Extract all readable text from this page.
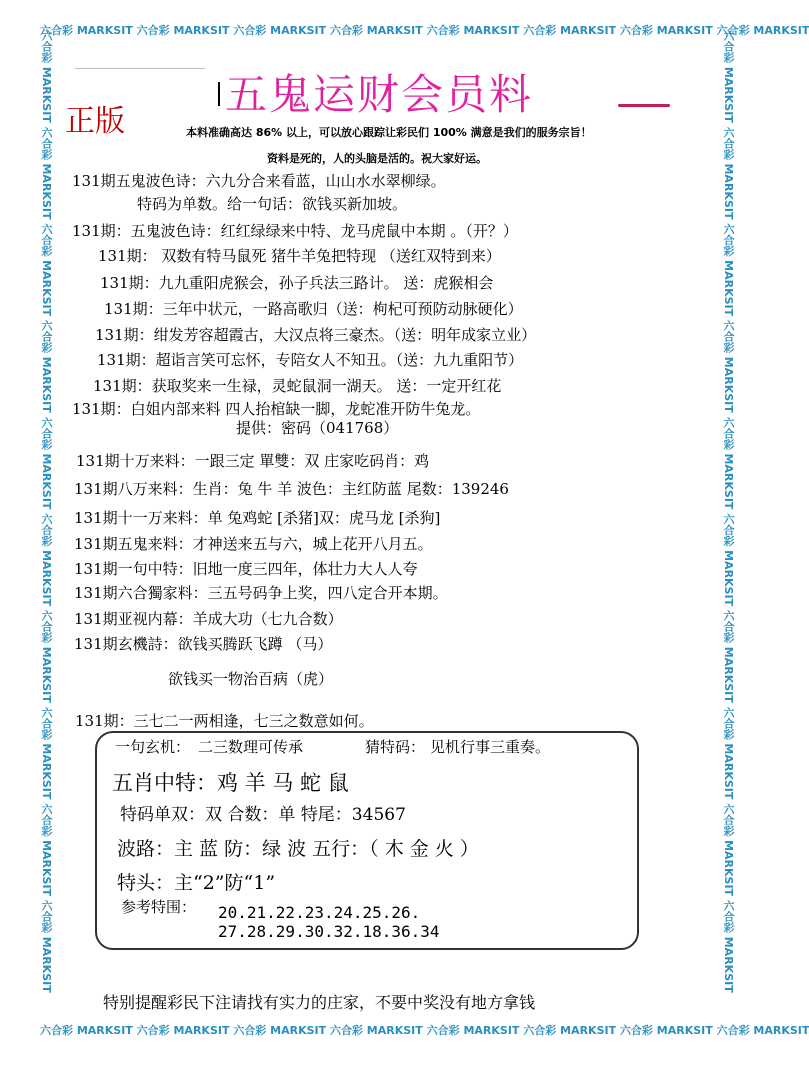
六合彩 MARKSIT 六合彩 MARKSIT 六合彩 MARKSIT 六合彩 MARKSIT 六合彩 MARKSIT 六合彩 MARKSIT 六合彩 MARKSIT 六合彩 MARKSIT
六合彩 MARKSIT 六合彩 MARKSIT 六合彩 MARKSIT 六合彩 MARKSIT 六合彩 MARKSIT 六合彩 MARKSIT 六合彩 MARKSIT 六合彩 MARKSIT
六合彩 MARKSIT 六合彩 MARKSIT 六合彩 MARKSIT 六合彩 MARKSIT 六合彩 MARKSIT 六合彩 MARKSIT 六合彩 MARKSIT 六合彩 MARKSIT 六合彩 MARKSIT 六合彩 MARKSIT
六合彩 MARKSIT 六合彩 MARKSIT 六合彩 MARKSIT 六合彩 MARKSIT 六合彩 MARKSIT 六合彩 MARKSIT 六合彩 MARKSIT 六合彩 MARKSIT 六合彩 MARKSIT 六合彩 MARKSIT
五鬼运财会员料
正版	本料准确高达 86% 以上，可以放心跟踪让彩民们 100% 满意是我们的服务宗旨！
资料是死的，人的头脑是活的。祝大家好运。
131期五鬼波色诗：六九分合来看蓝，山山水水翠柳绿。
特码为单数。给一句话：欲钱买新加坡。
131期：五鬼波色诗：红红绿绿来中特、龙马虎鼠中本期 。（开？）
131期： 双数有特马鼠死 猪牛羊兔把特现 （送红双特到来）
131期：九九重阳虎猴会，孙子兵法三路计。 送：虎猴相会
131期：三年中状元，一路高歌归（送：枸杞可预防动脉硬化）
131期：绀发芳容超霞古，大汉点将三豪杰。（送：明年成家立业）
131期：超诣言笑可忘怀，专陪女人不知丑。（送：九九重阳节）
131期：获取奖来一生禄，灵蛇鼠洞一湖天。 送：一定开红花
131期：白姐内部来料 四人抬棺缺一脚，龙蛇准开防牛兔龙。
提供：密码（041768）
131期十万来料：一跟三定 單雙：双 庄家吃码肖：鸡
131期八万来料：生肖：兔 牛 羊 波色：主红防蓝 尾数：139246
131期十一万来料：单 兔鸡蛇 [杀猪]双：虎马龙 [杀狗]
131期五鬼来料：才神送来五与六，城上花开八月五。
131期一句中特：旧地一度三四年，体壮力大人人夸
131期六合獨家料：三五号码争上奖，四八定合开本期。
131期亚视内幕：羊成大功（七九合数）
131期玄機詩：欲钱买腾跃飞蹲 （马）
欲钱买一物治百病（虎）
131期：三七二一两相逢，七三之数意如何。
一句玄机： 二三数理可传承	猜特码： 见机行事三重奏。
五肖中特：鸡 羊 马 蛇 鼠
特码单双：双 合数：单 特尾：34567
波路：主 蓝 防：绿 波 五行：（ 木 金 火 ）
特头：主“2”防“1”
参考特围： 20.21.22.23.24.25.26.
27.28.29.30.32.18.36.34
特别提醒彩民下注请找有实力的庄家，不要中奖没有地方拿钱
